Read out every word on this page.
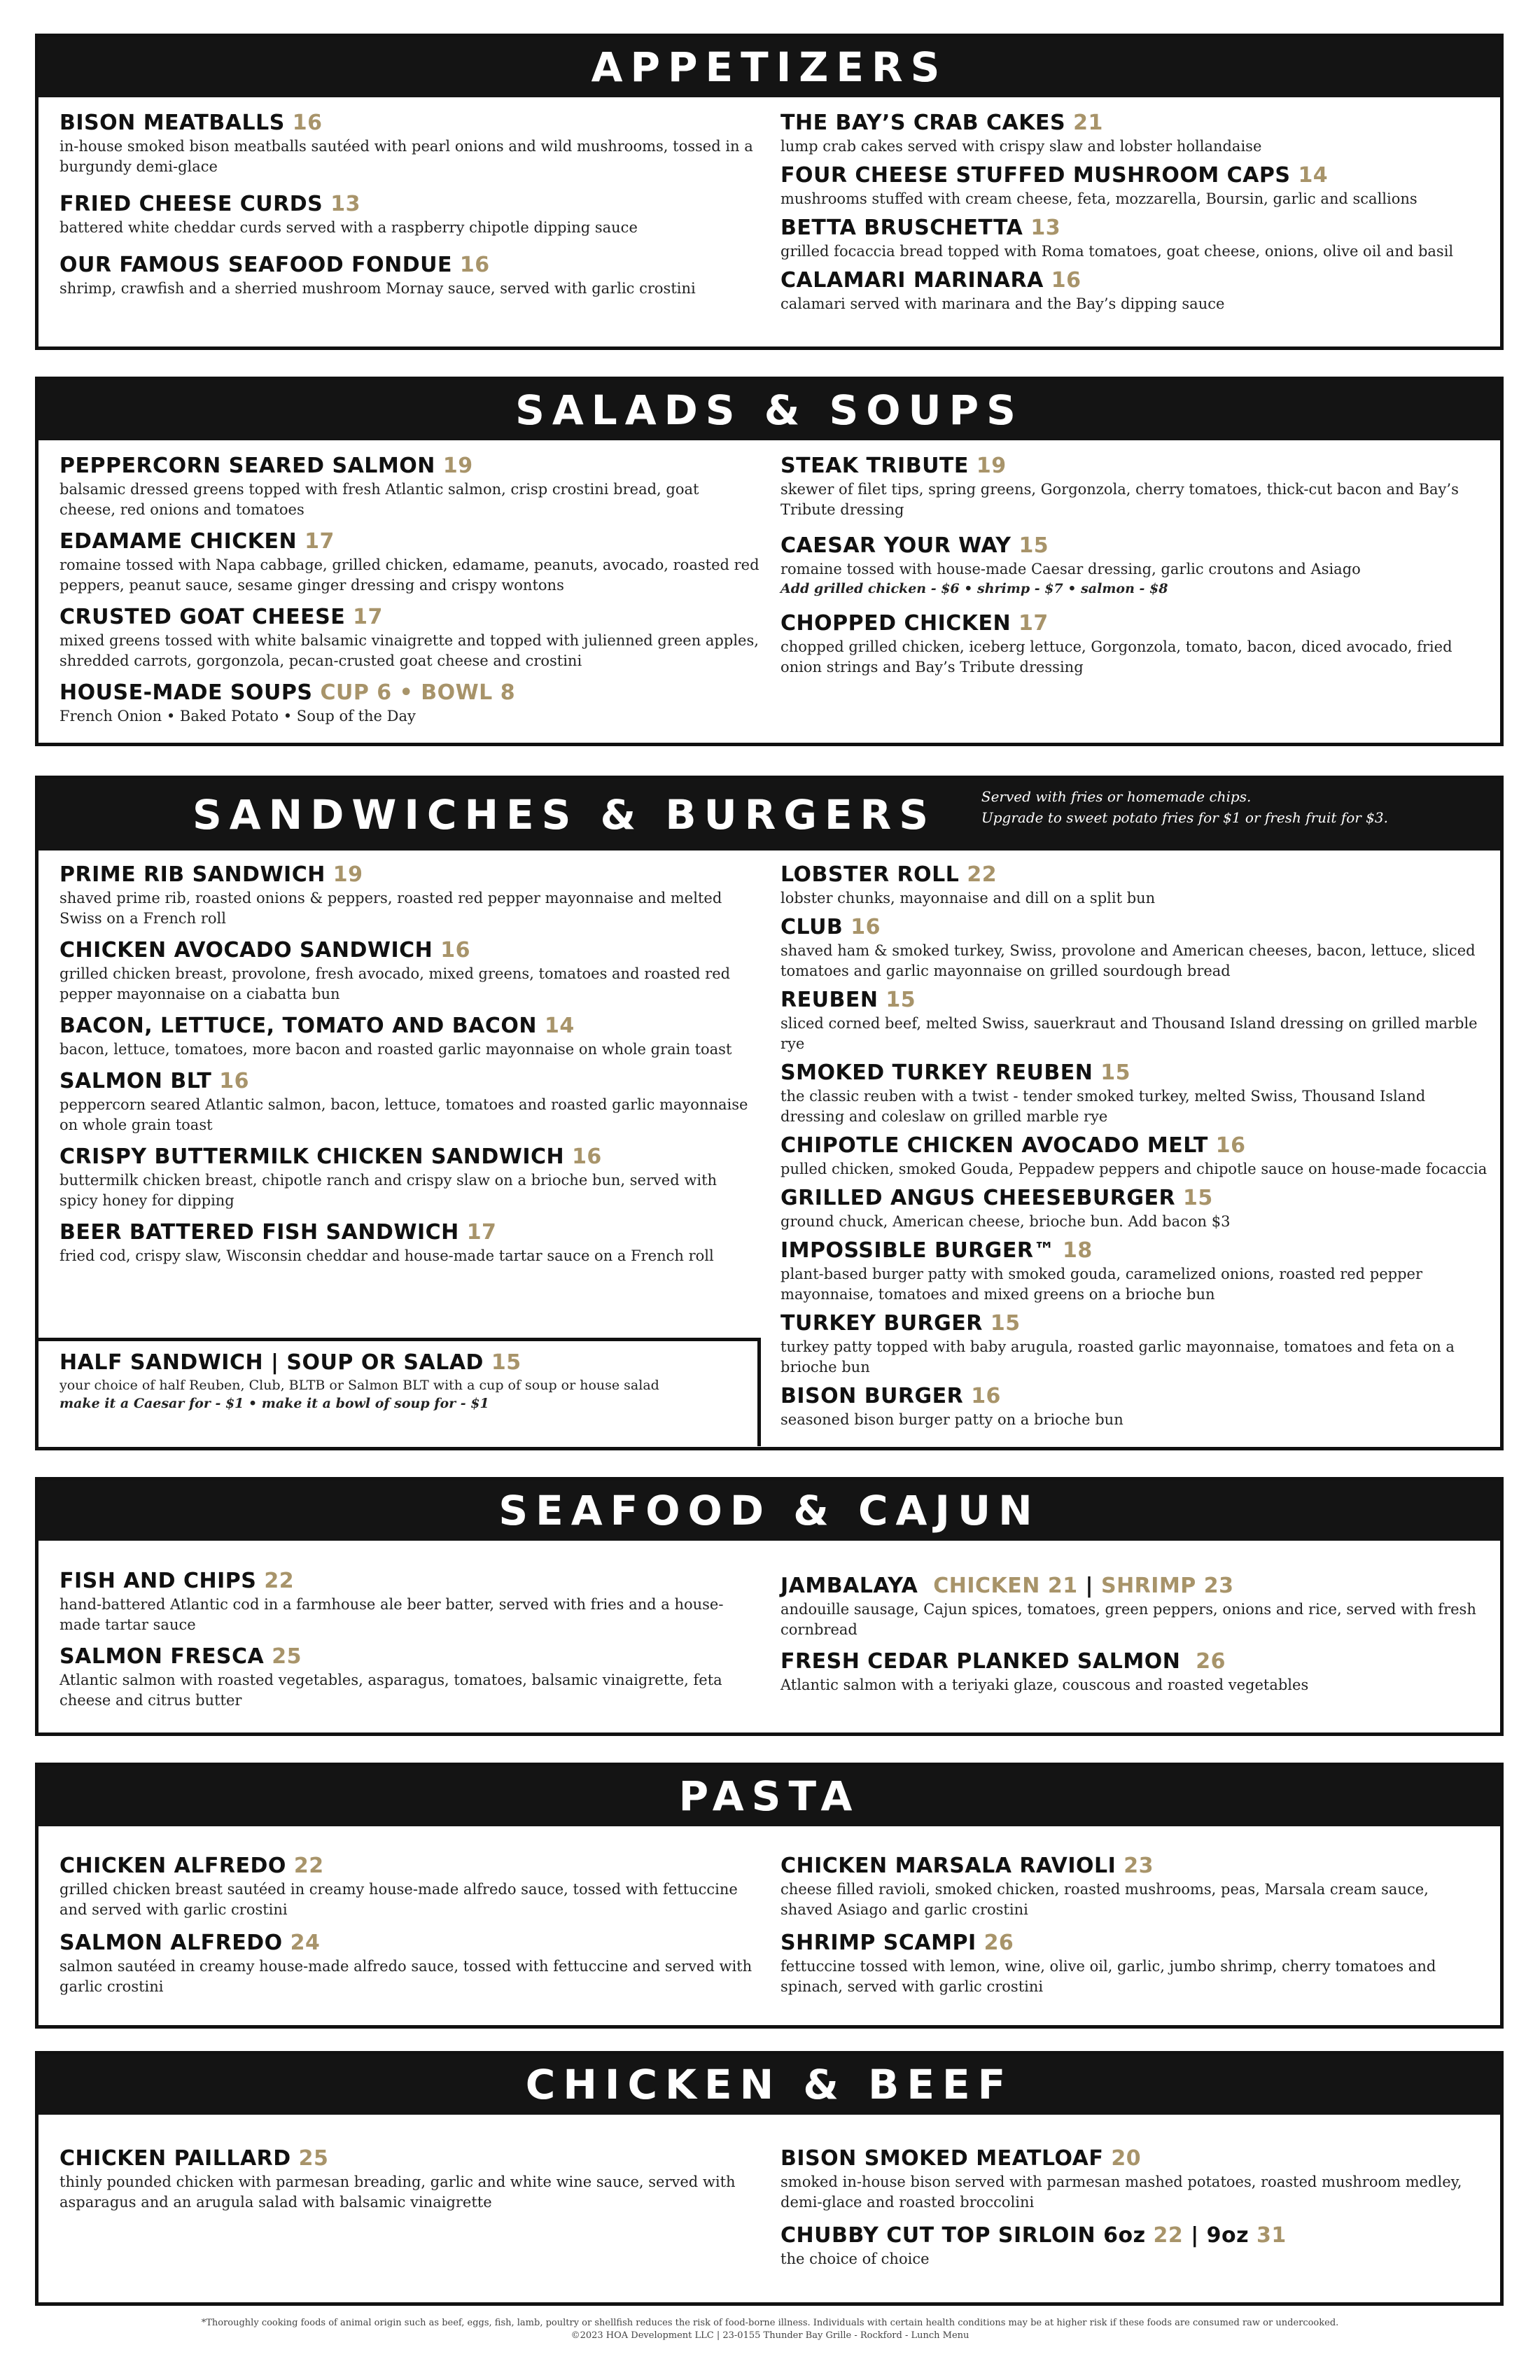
APPETIZERS
BISON MEATBALLS 16
in-house smoked bison meatballs sautéed with pearl onions and wild mushrooms, tossed in a burgundy demi-glace
FRIED CHEESE CURDS 13
battered white cheddar curds served with a raspberry chipotle dipping sauce
OUR FAMOUS SEAFOOD FONDUE 16
shrimp, crawfish and a sherried mushroom Mornay sauce, served with garlic crostini
THE BAY’S CRAB CAKES 21
lump crab cakes served with crispy slaw and lobster hollandaise
FOUR CHEESE STUFFED MUSHROOM CAPS 14
mushrooms stuffed with cream cheese, feta, mozzarella, Boursin, garlic and scallions
BETTA BRUSCHETTA 13
grilled focaccia bread topped with Roma tomatoes, goat cheese, onions, olive oil and basil
CALAMARI MARINARA 16
calamari served with marinara and the Bay’s dipping sauce
SALADS & SOUPS
PEPPERCORN SEARED SALMON 19
balsamic dressed greens topped with fresh Atlantic salmon, crisp crostini bread, goat cheese, red onions and tomatoes
EDAMAME CHICKEN 17
romaine tossed with Napa cabbage, grilled chicken, edamame, peanuts, avocado, roasted red peppers, peanut sauce, sesame ginger dressing and crispy wontons
CRUSTED GOAT CHEESE 17
mixed greens tossed with white balsamic vinaigrette and topped with julienned green apples, shredded carrots, gorgonzola, pecan-crusted goat cheese and crostini
HOUSE-MADE SOUPS CUP 6 • BOWL 8
French Onion • Baked Potato • Soup of the Day
STEAK TRIBUTE 19
skewer of filet tips, spring greens, Gorgonzola, cherry tomatoes, thick-cut bacon and Bay’s Tribute dressing
CAESAR YOUR WAY 15
romaine tossed with house-made Caesar dressing, garlic croutons and Asiago
Add grilled chicken - $6 • shrimp - $7 • salmon - $8
CHOPPED CHICKEN 17
chopped grilled chicken, iceberg lettuce, Gorgonzola, tomato, bacon, diced avocado, fried onion strings and Bay’s Tribute dressing
SANDWICHES & BURGERS	Served with fries or homemade chips.
Upgrade to sweet potato fries for $1 or fresh fruit for $3.
PRIME RIB SANDWICH 19
shaved prime rib, roasted onions & peppers, roasted red pepper mayonnaise and melted Swiss on a French roll
CHICKEN AVOCADO SANDWICH 16
grilled chicken breast, provolone, fresh avocado, mixed greens, tomatoes and roasted red pepper mayonnaise on a ciabatta bun
BACON, LETTUCE, TOMATO AND BACON 14
bacon, lettuce, tomatoes, more bacon and roasted garlic mayonnaise on whole grain toast
SALMON BLT 16
peppercorn seared Atlantic salmon, bacon, lettuce, tomatoes and roasted garlic mayonnaise on whole grain toast
CRISPY BUTTERMILK CHICKEN SANDWICH 16
buttermilk chicken breast, chipotle ranch and crispy slaw on a brioche bun, served with spicy honey for dipping
BEER BATTERED FISH SANDWICH 17
fried cod, crispy slaw, Wisconsin cheddar and house-made tartar sauce on a French roll
HALF SANDWICH | SOUP OR SALAD 15
your choice of half Reuben, Club, BLTB or Salmon BLT with a cup of soup or house salad
make it a Caesar for - $1 • make it a bowl of soup for - $1
LOBSTER ROLL 22
lobster chunks, mayonnaise and dill on a split bun
CLUB 16
shaved ham & smoked turkey, Swiss, provolone and American cheeses, bacon, lettuce, sliced tomatoes and garlic mayonnaise on grilled sourdough bread
REUBEN 15
sliced corned beef, melted Swiss, sauerkraut and Thousand Island dressing on grilled marble rye
SMOKED TURKEY REUBEN 15
the classic reuben with a twist - tender smoked turkey, melted Swiss, Thousand Island dressing and coleslaw on grilled marble rye
CHIPOTLE CHICKEN AVOCADO MELT 16
pulled chicken, smoked Gouda, Peppadew peppers and chipotle sauce on house-made focaccia
GRILLED ANGUS CHEESEBURGER 15
ground chuck, American cheese, brioche bun. Add bacon $3
IMPOSSIBLE BURGER™ 18
plant-based burger patty with smoked gouda, caramelized onions, roasted red pepper mayonnaise, tomatoes and mixed greens on a brioche bun
TURKEY BURGER 15
turkey patty topped with baby arugula, roasted garlic mayonnaise, tomatoes and feta on a brioche bun
BISON BURGER 16
seasoned bison burger patty on a brioche bun
SEAFOOD & CAJUN
FISH AND CHIPS 22
hand-battered Atlantic cod in a farmhouse ale beer batter, served with fries and a house-made tartar sauce
SALMON FRESCA 25
Atlantic salmon with roasted vegetables, asparagus, tomatoes, balsamic vinaigrette, feta cheese and citrus butter
JAMBALAYA CHICKEN 21 | SHRIMP 23
andouille sausage, Cajun spices, tomatoes, green peppers, onions and rice, served with fresh cornbread
FRESH CEDAR PLANKED SALMON 26
Atlantic salmon with a teriyaki glaze, couscous and roasted vegetables
PASTA
CHICKEN ALFREDO 22
grilled chicken breast sautéed in creamy house-made alfredo sauce, tossed with fettuccine and served with garlic crostini
SALMON ALFREDO 24
salmon sautéed in creamy house-made alfredo sauce, tossed with fettuccine and served with garlic crostini
CHICKEN MARSALA RAVIOLI 23
cheese filled ravioli, smoked chicken, roasted mushrooms, peas, Marsala cream sauce, shaved Asiago and garlic crostini
SHRIMP SCAMPI 26
fettuccine tossed with lemon, wine, olive oil, garlic, jumbo shrimp, cherry tomatoes and spinach, served with garlic crostini
CHICKEN & BEEF
CHICKEN PAILLARD 25
thinly pounded chicken with parmesan breading, garlic and white wine sauce, served with asparagus and an arugula salad with balsamic vinaigrette
BISON SMOKED MEATLOAF 20
smoked in-house bison served with parmesan mashed potatoes, roasted mushroom medley, demi-glace and roasted broccolini
CHUBBY CUT TOP SIRLOIN 6oz 22 | 9oz 31
the choice of choice
*Thoroughly cooking foods of animal origin such as beef, eggs, fish, lamb, poultry or shellfish reduces the risk of food-borne illness. Individuals with certain health conditions may be at higher risk if these foods are consumed raw or undercooked.
©2023 HOA Development LLC | 23-0155 Thunder Bay Grille - Rockford - Lunch Menu
